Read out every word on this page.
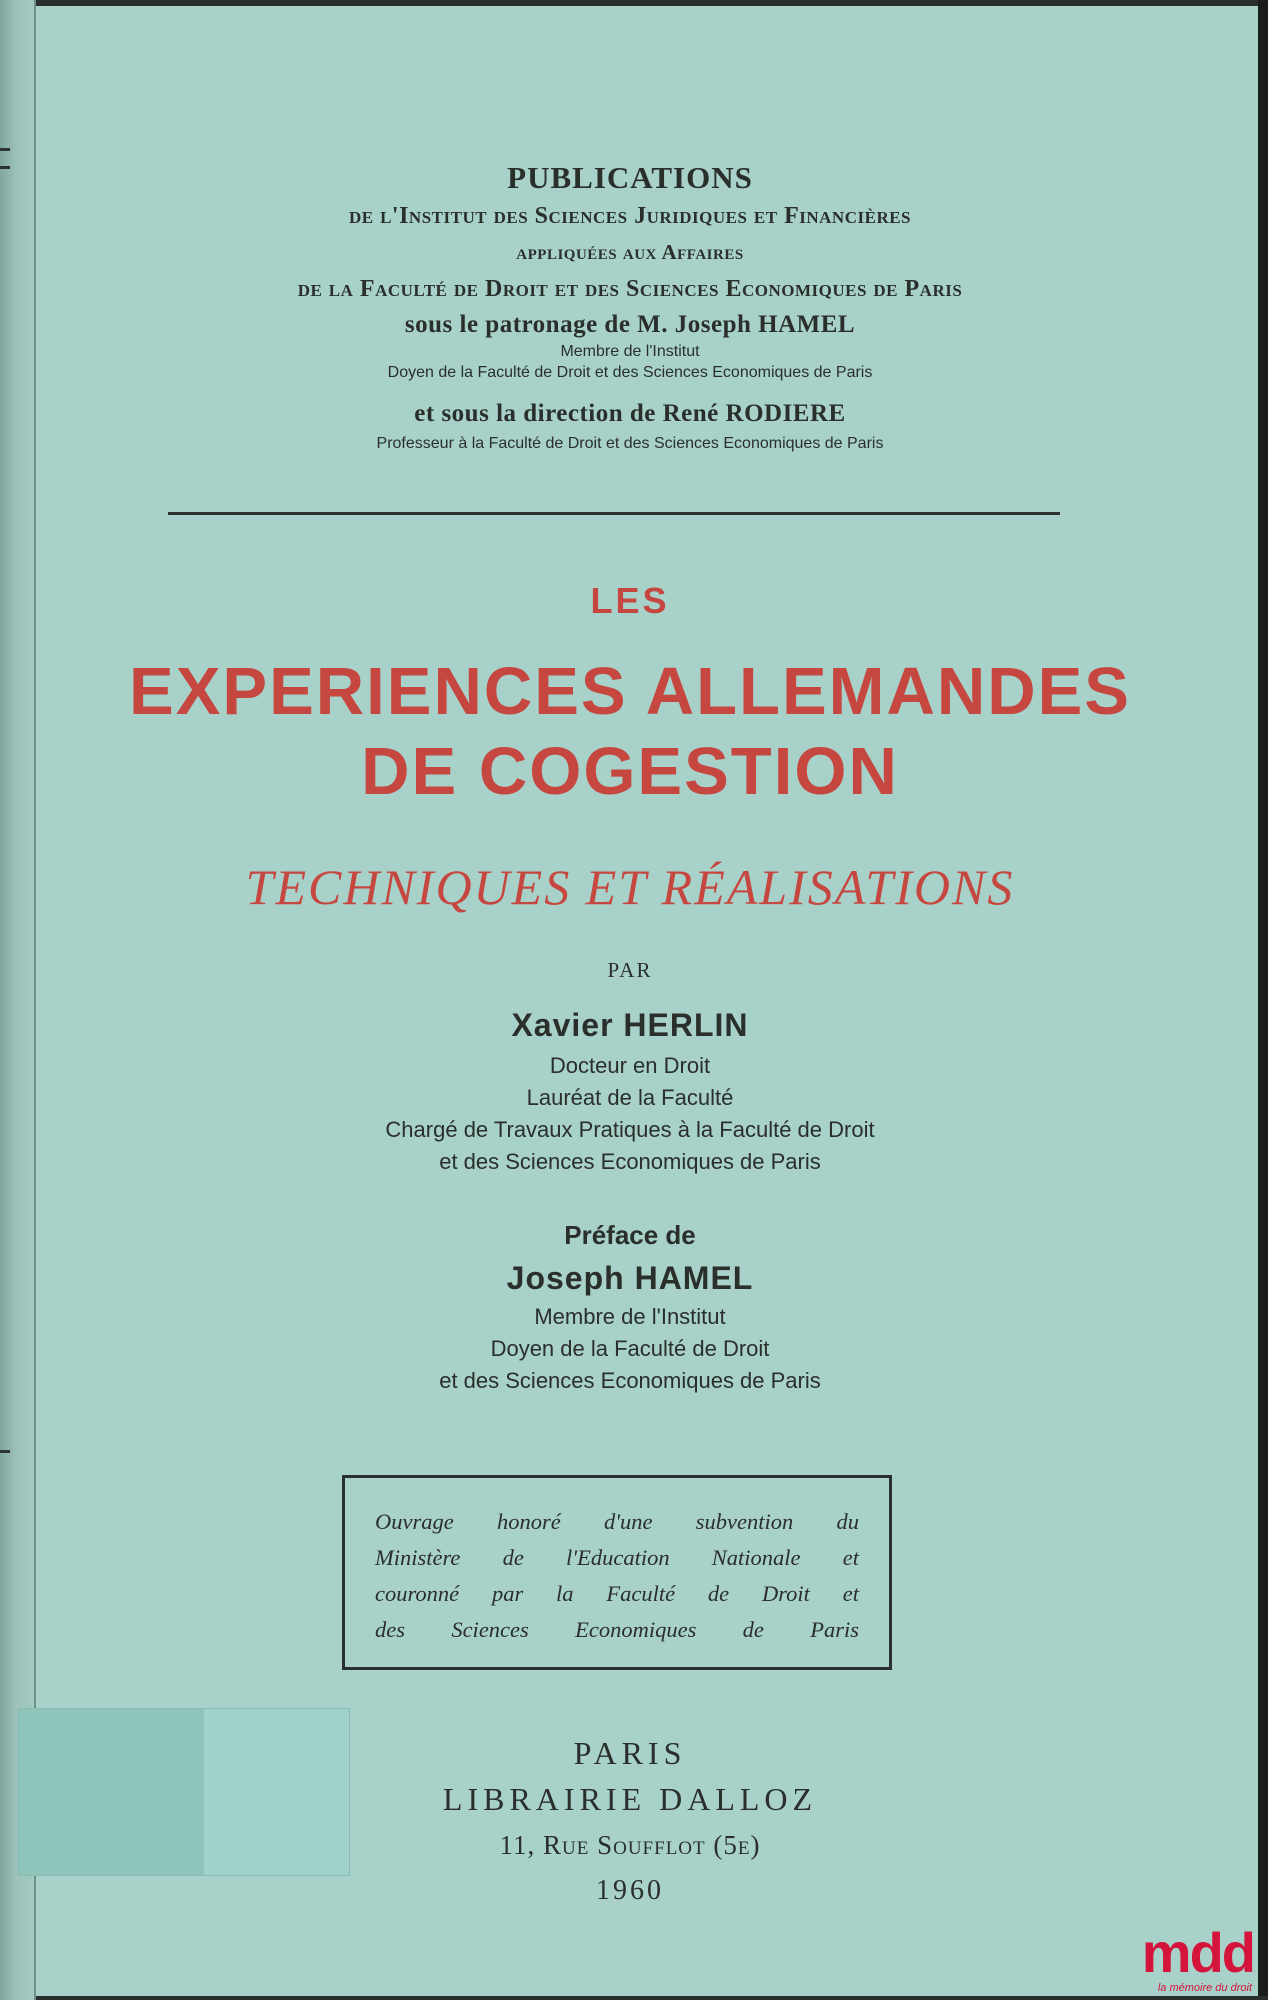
PUBLICATIONS
de l'Institut des Sciences Juridiques et Financières
appliquées aux Affaires
de la Faculté de Droit et des Sciences Economiques de Paris
sous le patronage de M. Joseph HAMEL
Membre de l'Institut
Doyen de la Faculté de Droit et des Sciences Economiques de Paris
et sous la direction de René RODIERE
Professeur à la Faculté de Droit et des Sciences Economiques de Paris
LES
EXPERIENCES ALLEMANDES
DE COGESTION
TECHNIQUES ET RÉALISATIONS
PAR
Xavier HERLIN
Docteur en Droit
Lauréat de la Faculté
Chargé de Travaux Pratiques à la Faculté de Droit
et des Sciences Economiques de Paris
Préface de
Joseph HAMEL
Membre de l'Institut
Doyen de la Faculté de Droit
et des Sciences Economiques de Paris
Ouvrage honoré d'une subvention du
Ministère de l'Education Nationale et
couronné par la Faculté de Droit et
des Sciences Economiques de Paris
PARIS
LIBRAIRIE DALLOZ
11, Rue Soufflot (5e)
1960
mdd
la mémoire du droit
